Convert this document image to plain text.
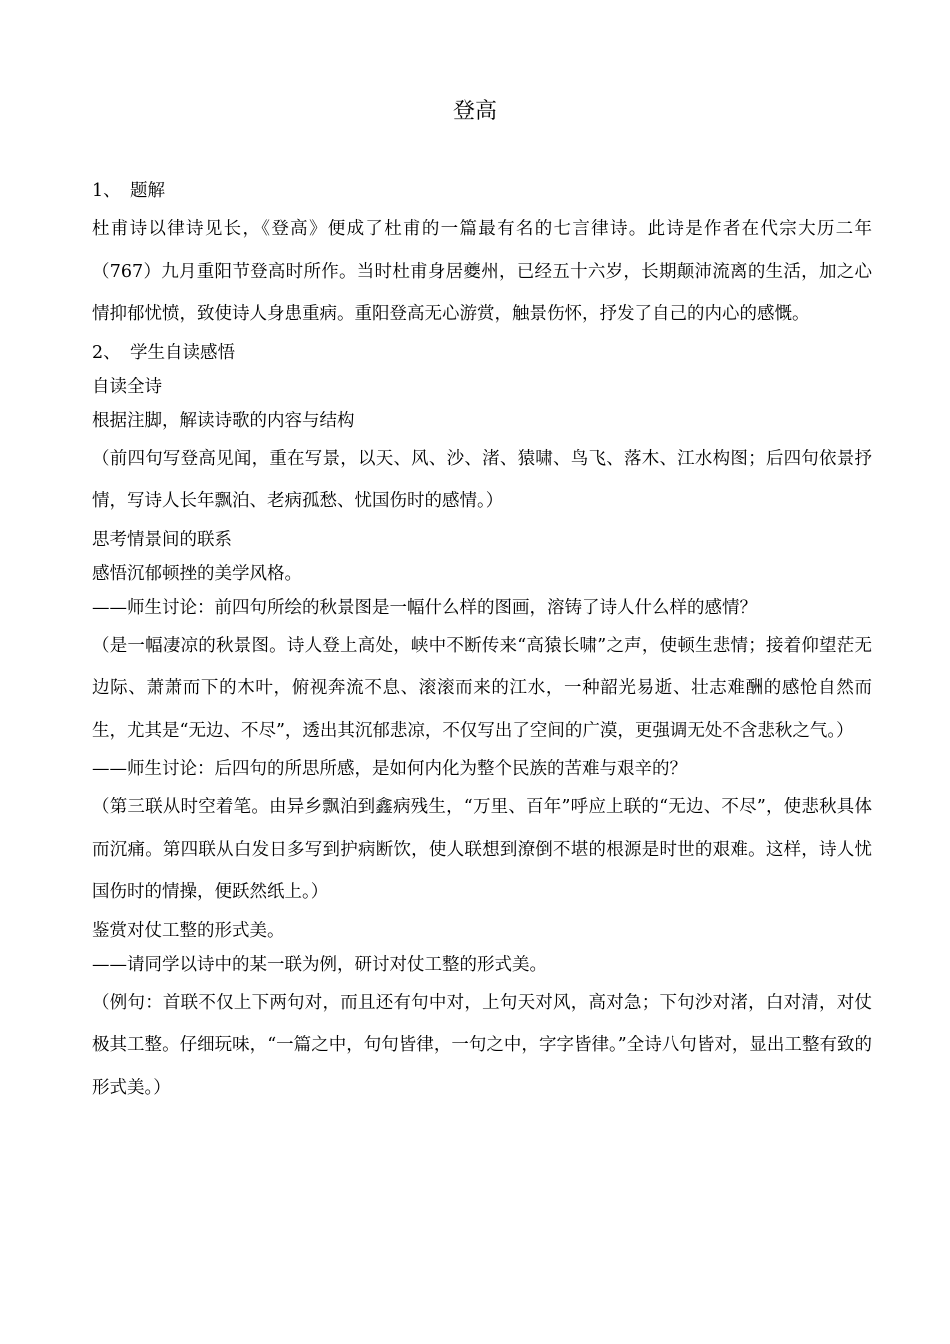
登高
1、 题解
杜甫诗以律诗见长，《登高》便成了杜甫的一篇最有名的七言律诗。此诗是作者在代宗大历二年（767）九月重阳节登高时所作。当时杜甫身居夔州，已经五十六岁，长期颠沛流离的生活，加之心情抑郁忧愤，致使诗人身患重病。重阳登高无心游赏，触景伤怀，抒发了自己的内心的感慨。
2、 学生自读感悟
自读全诗
根据注脚，解读诗歌的内容与结构
（前四句写登高见闻，重在写景，以天、风、沙、渚、猿啸、鸟飞、落木、江水构图；后四句依景抒情，写诗人长年飘泊、老病孤愁、忧国伤时的感情。）
思考情景间的联系
感悟沉郁顿挫的美学风格。
——师生讨论：前四句所绘的秋景图是一幅什么样的图画，溶铸了诗人什么样的感情？
（是一幅凄凉的秋景图。诗人登上高处，峡中不断传来“高猿长啸”之声，使顿生悲情；接着仰望茫无边际、萧萧而下的木叶，俯视奔流不息、滚滚而来的江水，一种韶光易逝、壮志难酬的感怆自然而生，尤其是“无边、不尽”，透出其沉郁悲凉，不仅写出了空间的广漠，更强调无处不含悲秋之气。）
——师生讨论：后四句的所思所感，是如何内化为整个民族的苦难与艰辛的？
（第三联从时空着笔。由异乡飘泊到鑫病残生，“万里、百年”呼应上联的“无边、不尽”，使悲秋具体而沉痛。第四联从白发日多写到护病断饮，使人联想到潦倒不堪的根源是时世的艰难。这样，诗人忧国伤时的情操，便跃然纸上。）
鉴赏对仗工整的形式美。
——请同学以诗中的某一联为例，研讨对仗工整的形式美。
（例句：首联不仅上下两句对，而且还有句中对，上句天对风，高对急；下句沙对渚，白对清，对仗极其工整。仔细玩味，“一篇之中，句句皆律，一句之中，字字皆律。”全诗八句皆对，显出工整有致的形式美。）
